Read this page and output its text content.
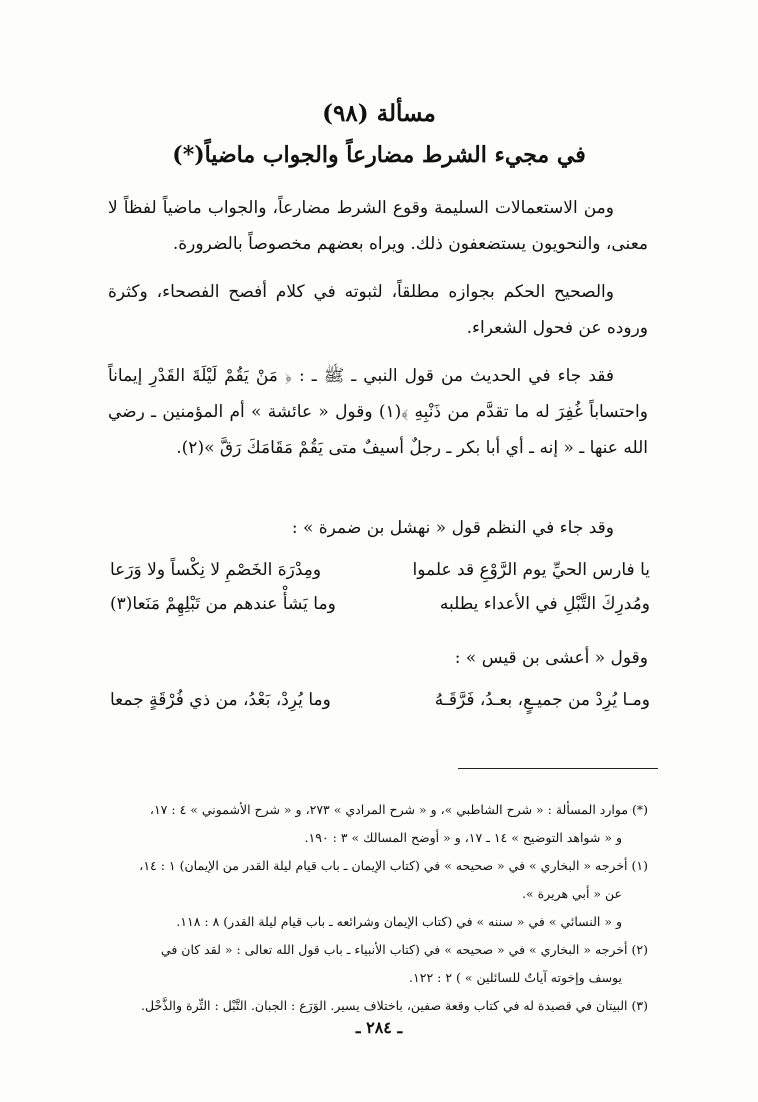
مسألة (٩٨)
في مجيء الشرط مضارعاً والجواب ماضياً(*)
ومن الاستعمالات السليمة وقوع الشرط مضارعاً، والجواب ماضياً لفظاً لا معنى، والنحويون يستضعفون ذلك. ويراه بعضهم مخصوصاً بالضرورة.
والصحيح الحكم بجوازه مطلقاً، لثبوته في كلام أفصح الفصحاء، وكثرة وروده عن فحول الشعراء.
فقد جاء في الحديث من قول النبي ـ ﷺ ـ : ﴿ مَنْ يَقُمْ لَيْلَةَ القَدْرِ إيماناً واحتساباً غُفِرَ له ما تقدَّم من ذَنْبِهِ ﴾(١) وقول « عائشة » أم المؤمنين ـ رضي الله عنها ـ « إنه ـ أي أبا بكر ـ رجلٌ أسيفٌ متى يَقُمْ مَقَامَكَ رَقَّ »(٢).
وقد جاء في النظم قول « نهشل بن ضمرة » :
يا فارس الحيِّ يوم الرَّوْعِ قد علموا
ومِدْرَهَ الخَصْمِ لا نِكْساً ولا وَرَعا
ومُدرِكَ التَّبْلِ في الأعداء يطلبه
وما يَشأْ عندهم من تَبْلِهِمْ مَنَعا(٣)
وقول « أعشى بن قيس » :
ومـا يُرِدْ من جميـعٍ، بعـدُ، فَرَّقَـهُ
وما يُرِدْ، بَعْدُ، من ذي فُرْقَةٍ جمعا
(*) موارد المسألة : « شرح الشاطبي »، و « شرح المرادي » ٢٧٣، و « شرح الأشموني » ٤ : ١٧،
و « شواهد التوضيح » ١٤ ـ ١٧، و « أوضح المسالك » ٣ : ١٩٠.
(١) أخرجه « البخاري » في « صحيحه » في (كتاب الإيمان ـ باب قيام ليلة القدر من الإيمان) ١ : ١٤،
عن « أبي هريرة ».
و « النسائي » في « سننه » في (كتاب الإيمان وشرائعه ـ باب قيام ليلة القدر) ٨ : ١١٨.
(٢) أخرجه « البخاري » في « صحيحه » في (كتاب الأنبياء ـ باب قول الله تعالى : « لقد كان في
يوسف وإخوته آياتٌ للسائلين » ) ٢ : ١٢٢.
(٣) البيتان في قصيدة له في كتاب وقعة صفين، باختلاف يسير. الوَرَع : الجبان. التَّبْل : التِّرة والذَّحْل.
ـ ٢٨٤ ـ
